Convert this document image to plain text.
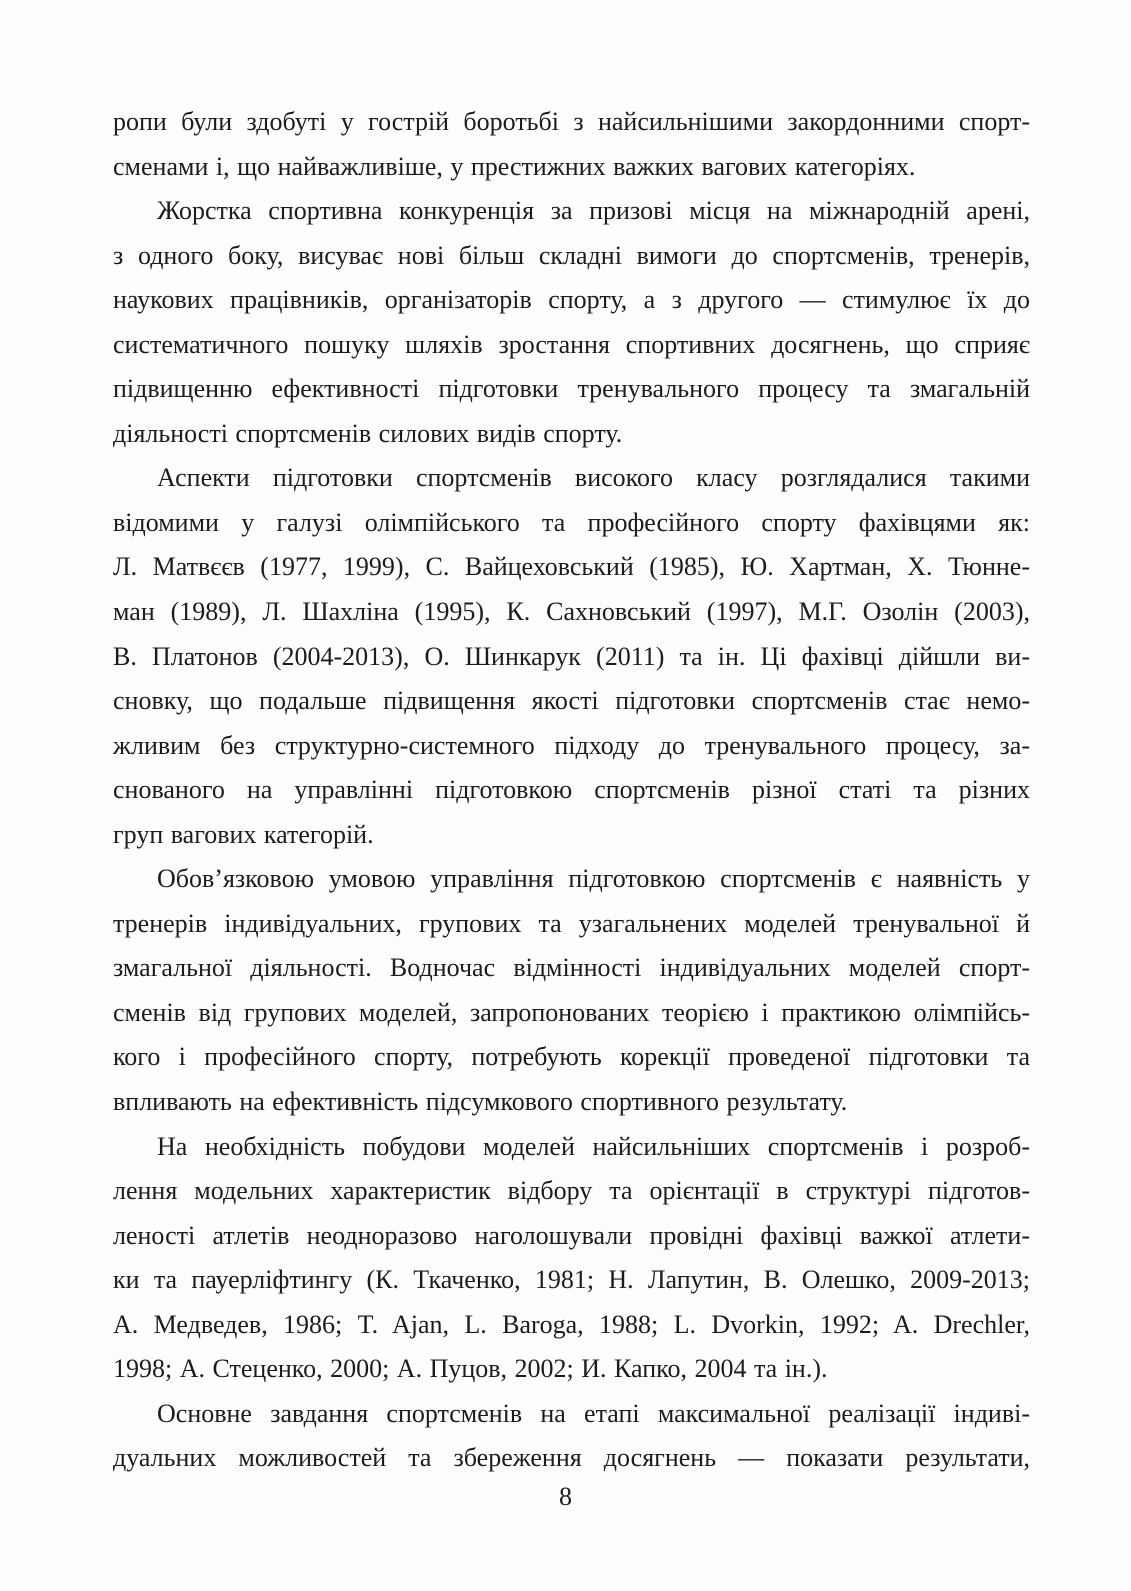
ропи були здобуті у гострій боротьбі з найсильнішими закордонними спорт-
сменами і, що найважливіше, у престижних важких вагових категоріях.
Жорстка спортивна конкуренція за призові місця на міжнародній арені,
з одного боку, висуває нові більш складні вимоги до спортсменів, тренерів,
наукових працівників, організаторів спорту, а з другого — стимулює їх до
систематичного пошуку шляхів зростання спортивних досягнень, що сприяє
підвищенню ефективності підготовки тренувального процесу та змагальній
діяльності спортсменів силових видів спорту.
Аспекти підготовки спортсменів високого класу розглядалися такими
відомими у галузі олімпійського та професійного спорту фахівцями як:
Л. Матвєєв (1977, 1999), С. Вайцеховський (1985), Ю. Хартман, Х. Тюнне-
ман (1989), Л. Шахліна (1995), К. Сахновський (1997), М.Г. Озолін (2003),
В. Платонов (2004-2013), О. Шинкарук (2011) та ін. Ці фахівці дійшли ви-
сновку, що подальше підвищення якості підготовки спортсменів стає немо-
жливим без структурно-системного підходу до тренувального процесу, за-
снованого на управлінні підготовкою спортсменів різної статі та різних
груп вагових категорій.
Обов’язковою умовою управління підготовкою спортсменів є наявність у
тренерів індивідуальних, групових та узагальнених моделей тренувальної й
змагальної діяльності. Водночас відмінності індивідуальних моделей спорт-
сменів від групових моделей, запропонованих теорією і практикою олімпійсь-
кого і професійного спорту, потребують корекції проведеної підготовки та
впливають на ефективність підсумкового спортивного результату.
На необхідність побудови моделей найсильніших спортсменів і розроб-
лення модельних характеристик відбору та орієнтації в структурі підготов-
леності атлетів неодноразово наголошували провідні фахівці важкої атлети-
ки та пауерліфтингу (К. Ткаченко, 1981; Н. Лапутин, В. Олешко, 2009-2013;
А. Медведев, 1986; T. Ajan, L. Baroga, 1988; L. Dvorkin, 1992; A. Drechler,
1998; А. Стеценко, 2000; А. Пуцов, 2002; И. Капко, 2004 та ін.).
Основне завдання спортсменів на етапі максимальної реалізації індиві-
дуальних можливостей та збереження досягнень — показати результати,
8
